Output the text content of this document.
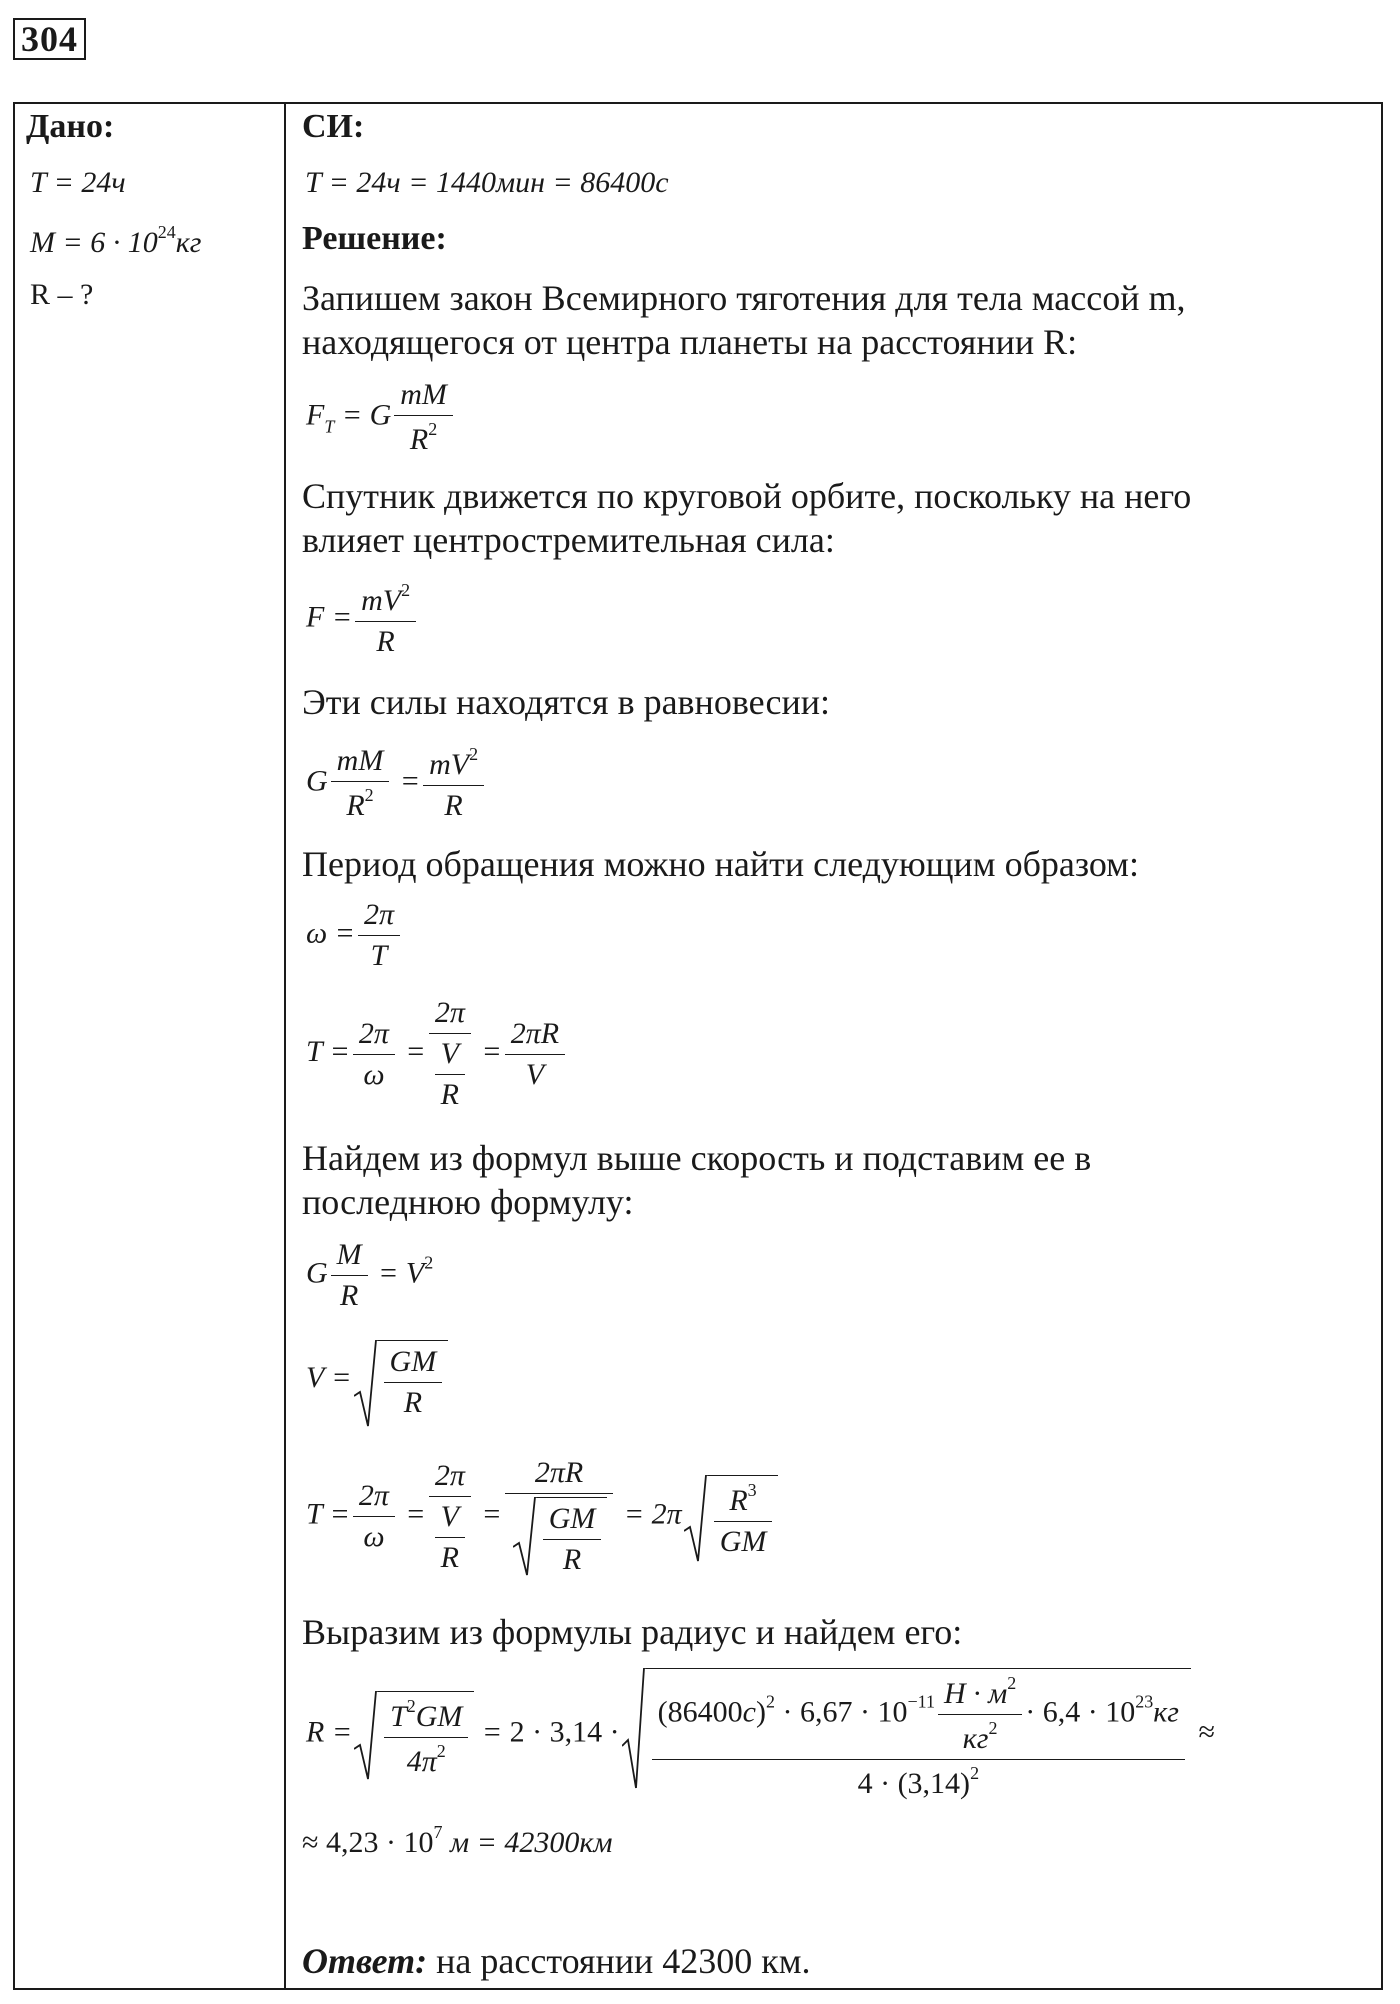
304
Дано:
T = 24ч
$M = 6 \cdot 10^{24}кг$
R – ?
СИ:
T = 24ч = 1440мин = 86400c
Решение:
Запишем закон Всемирного тяготения для тела массой m,
находящегося от центра планеты на расстоянии R:
$F_T = G \frac{mM}{R^2}$
Спутник движется по круговой орбите, поскольку на него
влияет центростремительная сила:
$F = \frac{mV^2}{R}$
Эти силы находятся в равновесии:
G $\frac{mM}{R^2} = \frac{mV^2}{R}$
Период обращения можно найти следующим образом:
$\omega = \frac{2\pi}{T}$
$T = \frac{2\pi}{\omega} = \frac{2\pi}{\frac{V}{R}} = \frac{2\pi R}{V}$
Найдем из формул выше скорость и подставим ее в
последнюю формулу:
G $\frac{M}{R} = V^2$
$V = \frac{GM}{R}$
$T = \frac{2\pi}{\omega} = \frac{2\pi}{\frac{V}{R}}$ =
2πR
$\frac{GM}{R} = 2\pi \frac{R^3}{GM}$
Выразим из формулы радиус и найдем его:
$R = \frac{T^2GM}{4\pi^2} = 2 \cdot 3,14$ ·
$(86400c)^2 \cdot 6,67 \cdot 10^{-11}$ $H \cdot м^2$
$кг^2 \cdot 6,4 \cdot 10^{23}кг$
$4 \cdot (3,14)^2$
≈
≈ $4,23 \cdot 10^7$ м = 42300км
Ответ: на расстоянии 42300 км.
